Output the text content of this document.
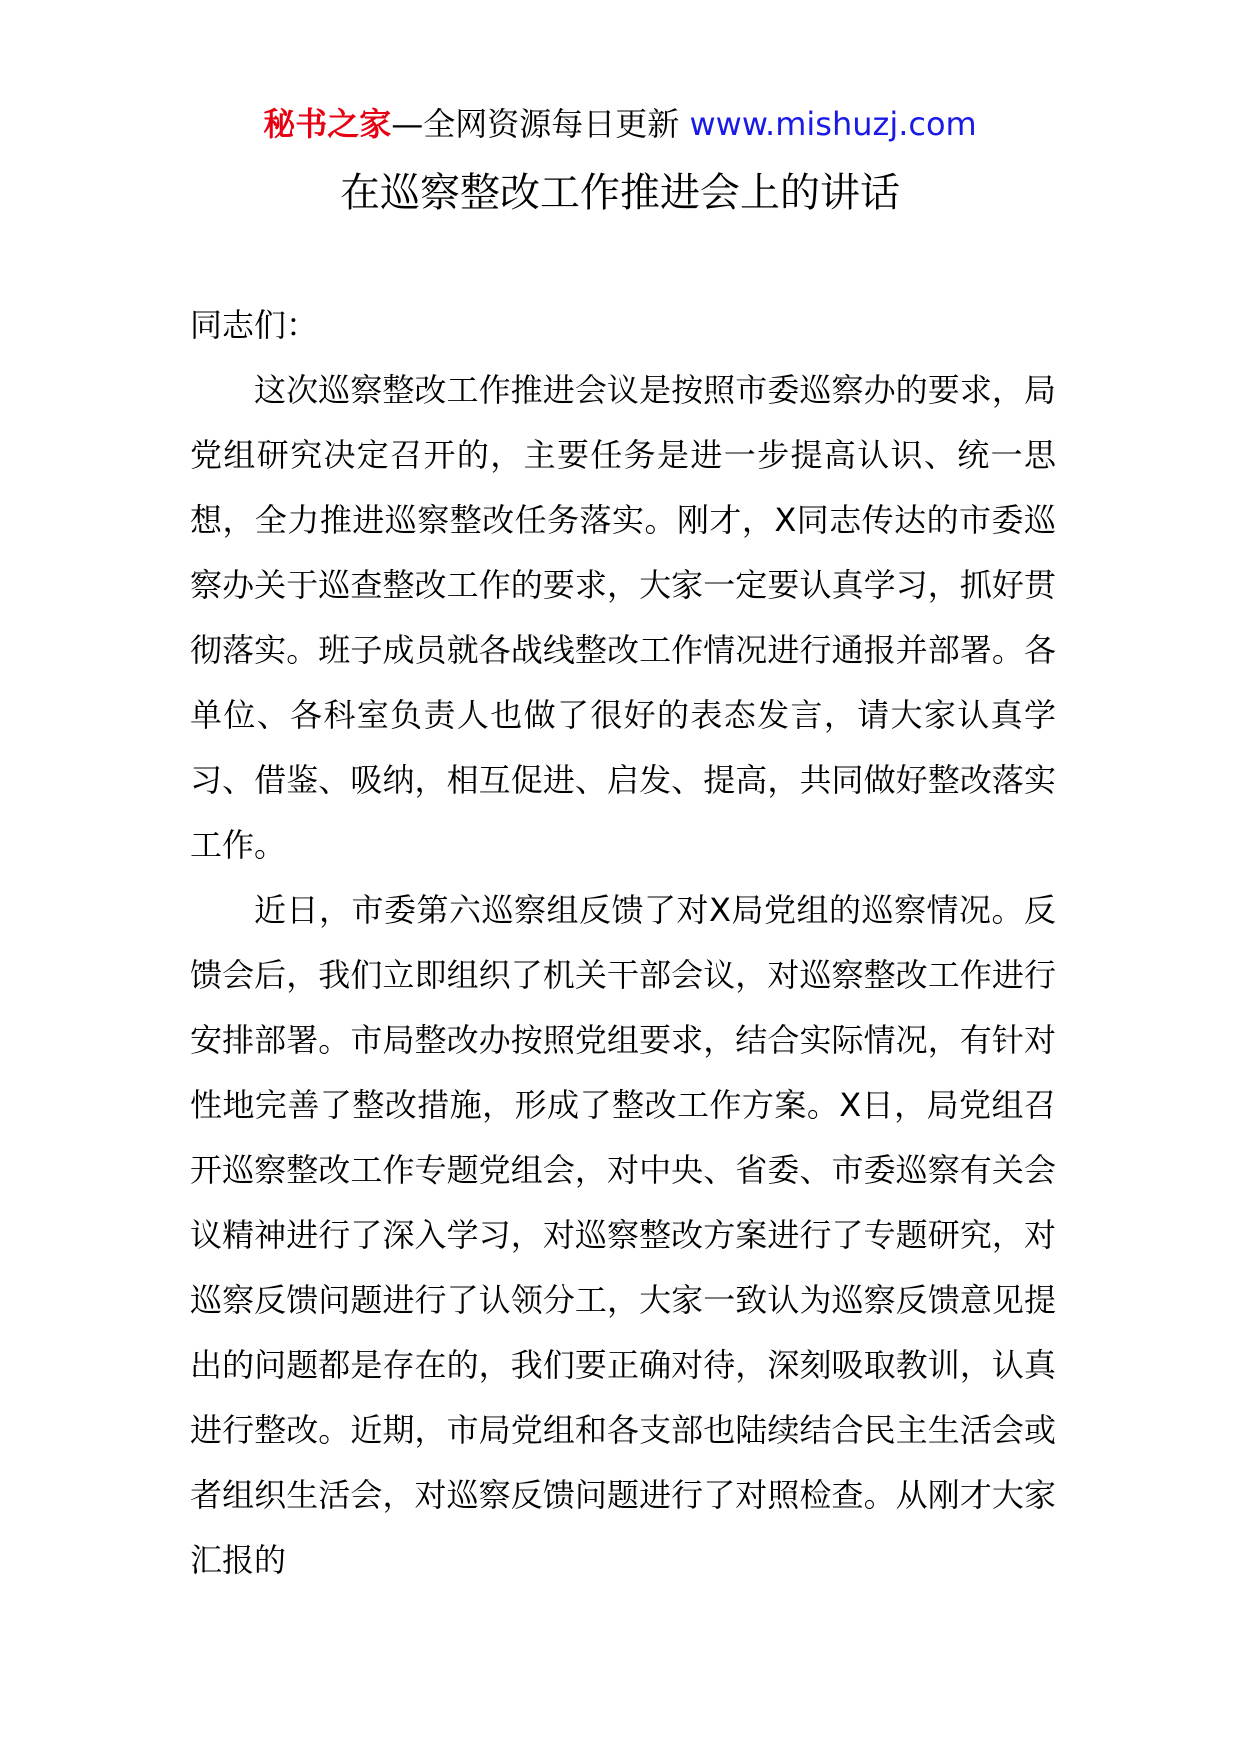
秘书之家—全网资源每日更新 www.mishuzj.com
在巡察整改工作推进会上的讲话

同志们：

这次巡察整改工作推进会议是按照市委巡察办的要求，局党组研究决定召开的，主要任务是进一步提高认识、统一思想，全力推进巡察整改任务落实。刚才，X同志传达的市委巡察办关于巡查整改工作的要求，大家一定要认真学习，抓好贯彻落实。班子成员就各战线整改工作情况进行通报并部署。各单位、各科室负责人也做了很好的表态发言，请大家认真学习、借鉴、吸纳，相互促进、启发、提高，共同做好整改落实工作。

近日，市委第六巡察组反馈了对X局党组的巡察情况。反馈会后，我们立即组织了机关干部会议，对巡察整改工作进行安排部署。市局整改办按照党组要求，结合实际情况，有针对性地完善了整改措施，形成了整改工作方案。X日，局党组召开巡察整改工作专题党组会，对中央、省委、市委巡察有关会议精神进行了深入学习，对巡察整改方案进行了专题研究，对巡察反馈问题进行了认领分工，大家一致认为巡察反馈意见提出的问题都是存在的，我们要正确对待，深刻吸取教训，认真进行整改。近期，市局党组和各支部也陆续结合民主生活会或者组织生活会，对巡察反馈问题进行了对照检查。从刚才大家汇报的
